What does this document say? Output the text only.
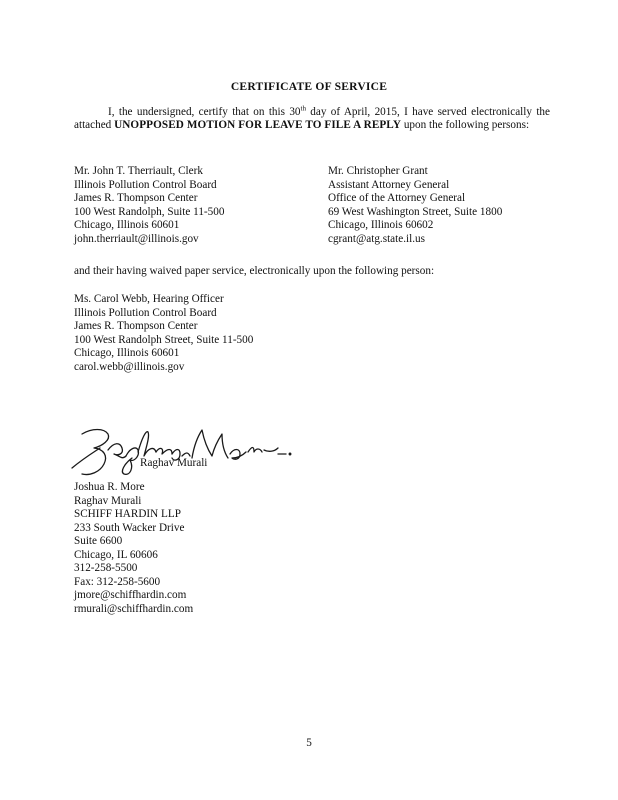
CERTIFICATE OF SERVICE
I, the undersigned, certify that on this 30th day of April, 2015, I have served electronically the attached UNOPPOSED MOTION FOR LEAVE TO FILE A REPLY upon the following persons:
Mr. John T. Therriault, Clerk
Illinois Pollution Control Board
James R. Thompson Center
100 West Randolph, Suite 11-500
Chicago, Illinois 60601
john.therriault@illinois.gov
Mr. Christopher Grant
Assistant Attorney General
Office of the Attorney General
69 West Washington Street, Suite 1800
Chicago, Illinois 60602
cgrant@atg.state.il.us
and their having waived paper service, electronically upon the following person:
Ms. Carol Webb, Hearing Officer
Illinois Pollution Control Board
James R. Thompson Center
100 West Randolph Street, Suite 11-500
Chicago, Illinois 60601
carol.webb@illinois.gov
Raghav Murali
Joshua R. More
Raghav Murali
SCHIFF HARDIN LLP
233 South Wacker Drive
Suite 6600
Chicago, IL 60606
312-258-5500
Fax: 312-258-5600
jmore@schiffhardin.com
rmurali@schiffhardin.com
5
